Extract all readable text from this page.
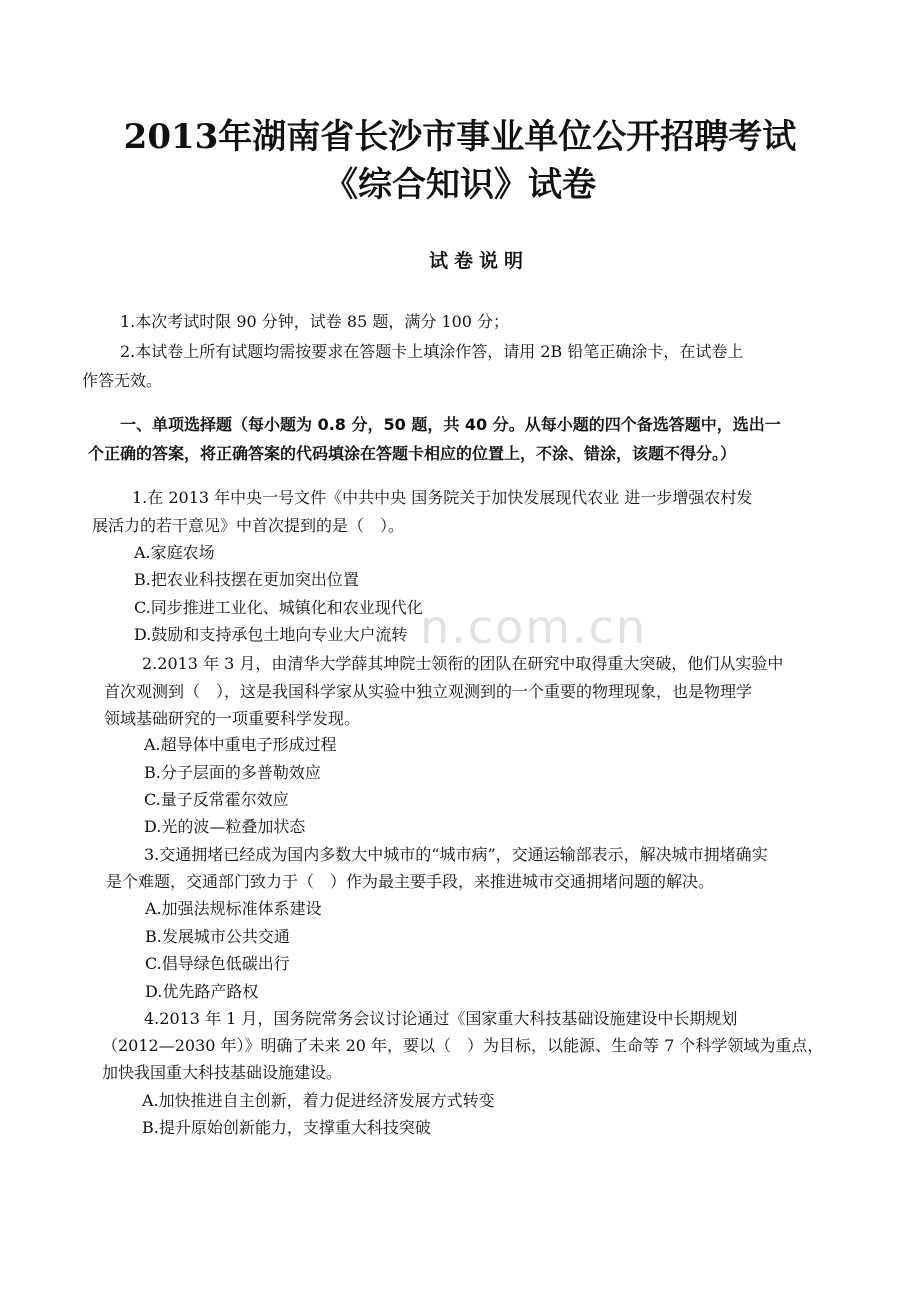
n.com.cn
2013年湖南省长沙市事业单位公开招聘考试
《综合知识》试卷
试卷说明
1.本次考试时限 90 分钟，试卷 85 题，满分 100 分；
2.本试卷上所有试题均需按要求在答题卡上填涂作答，请用 2B 铅笔正确涂卡，在试卷上
作答无效。
一、单项选择题（每小题为 0.8 分，50 题，共 40 分。从每小题的四个备选答题中，选出一
个正确的答案，将正确答案的代码填涂在答题卡相应的位置上，不涂、错涂，该题不得分。）
1.在 2013 年中央一号文件《中共中央 国务院关于加快发展现代农业 进一步增强农村发
展活力的若干意见》中首次提到的是（　）。
A.家庭农场
B.把农业科技摆在更加突出位置
C.同步推进工业化、城镇化和农业现代化
D.鼓励和支持承包土地向专业大户流转
2.2013 年 3 月，由清华大学薛其坤院士领衔的团队在研究中取得重大突破，他们从实验中
首次观测到（　），这是我国科学家从实验中独立观测到的一个重要的物理现象，也是物理学
领域基础研究的一项重要科学发现。
A.超导体中重电子形成过程
B.分子层面的多普勒效应
C.量子反常霍尔效应
D.光的波—粒叠加状态
3.交通拥堵已经成为国内多数大中城市的“城市病”，交通运输部表示，解决城市拥堵确实
是个难题，交通部门致力于（　）作为最主要手段，来推进城市交通拥堵问题的解决。
A.加强法规标准体系建设
B.发展城市公共交通
C.倡导绿色低碳出行
D.优先路产路权
4.2013 年 1 月，国务院常务会议讨论通过《国家重大科技基础设施建设中长期规划
（2012—2030 年）》明确了未来 20 年，要以（　）为目标，以能源、生命等 7 个科学领域为重点，
加快我国重大科技基础设施建设。
A.加快推进自主创新，着力促进经济发展方式转变
B.提升原始创新能力，支撑重大科技突破
